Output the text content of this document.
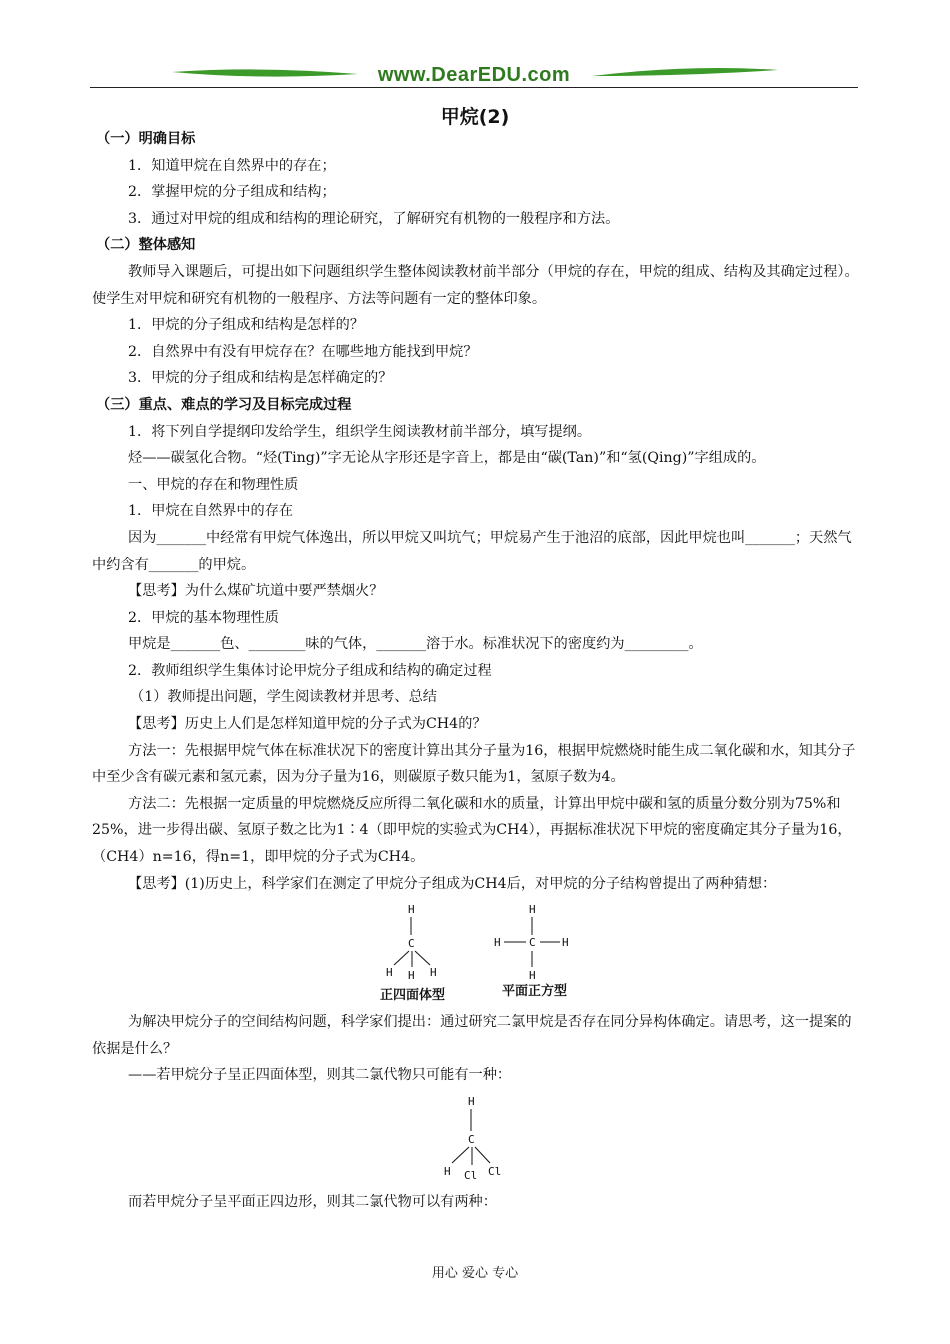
www.DearEDU.com
甲烷(2)

（一）明确目标

1．知道甲烷在自然界中的存在；

2．掌握甲烷的分子组成和结构；

3．通过对甲烷的组成和结构的理论研究，了解研究有机物的一般程序和方法。

（二）整体感知

教师导入课题后，可提出如下问题组织学生整体阅读教材前半部分（甲烷的存在，甲烷的组成、结构及其确定过程）。使学生对甲烷和研究有机物的一般程序、方法等问题有一定的整体印象。

1．甲烷的分子组成和结构是怎样的？

2．自然界中有没有甲烷存在？在哪些地方能找到甲烷？

3．甲烷的分子组成和结构是怎样确定的？

（三）重点、难点的学习及目标完成过程

1．将下列自学提纲印发给学生，组织学生阅读教材前半部分，填写提纲。

烃——碳氢化合物。“烃(Ting)”字无论从字形还是字音上，都是由“碳(Tan)”和“氢(Qing)”字组成的。

一、甲烷的存在和物理性质

1．甲烷在自然界中的存在

因为_______中经常有甲烷气体逸出，所以甲烷又叫坑气；甲烷易产生于池沼的底部，因此甲烷也叫_______；天然气中约含有_______的甲烷。

【思考】为什么煤矿坑道中要严禁烟火？

2．甲烷的基本物理性质

甲烷是_______色、________味的气体，_______溶于水。标准状况下的密度约为_________。

2．教师组织学生集体讨论甲烷分子组成和结构的确定过程

（1）教师提出问题，学生阅读教材并思考、总结

【思考】历史上人们是怎样知道甲烷的分子式为CH4的？

方法一：先根据甲烷气体在标准状况下的密度计算出其分子量为16，根据甲烷燃烧时能生成二氧化碳和水，知其分子中至少含有碳元素和氢元素，因为分子量为16，则碳原子数只能为1，氢原子数为4。

方法二：先根据一定质量的甲烷燃烧反应所得二氧化碳和水的质量，计算出甲烷中碳和氢的质量分数分别为75%和25%，进一步得出碳、氢原子数之比为1∶4（即甲烷的实验式为CH4），再据标准状况下甲烷的密度确定其分子量为16，（CH4）n=16，得n=1，即甲烷的分子式为CH4。

【思考】(1)历史上，科学家们在测定了甲烷分子组成为CH4后，对甲烷的分子结构曾提出了两种猜想：

H
C
H H H
正四面体型
H
H	C H
H
平面正方型

为解决甲烷分子的空间结构问题，科学家们提出：通过研究二氯甲烷是否存在同分异构体确定。请思考，这一提案的依据是什么？

——若甲烷分子呈正四面体型，则其二氯代物只可能有一种：

H
C
H Cl Cl

而若甲烷分子呈平面正四边形，则其二氯代物可以有两种：

用心 爱心 专心
